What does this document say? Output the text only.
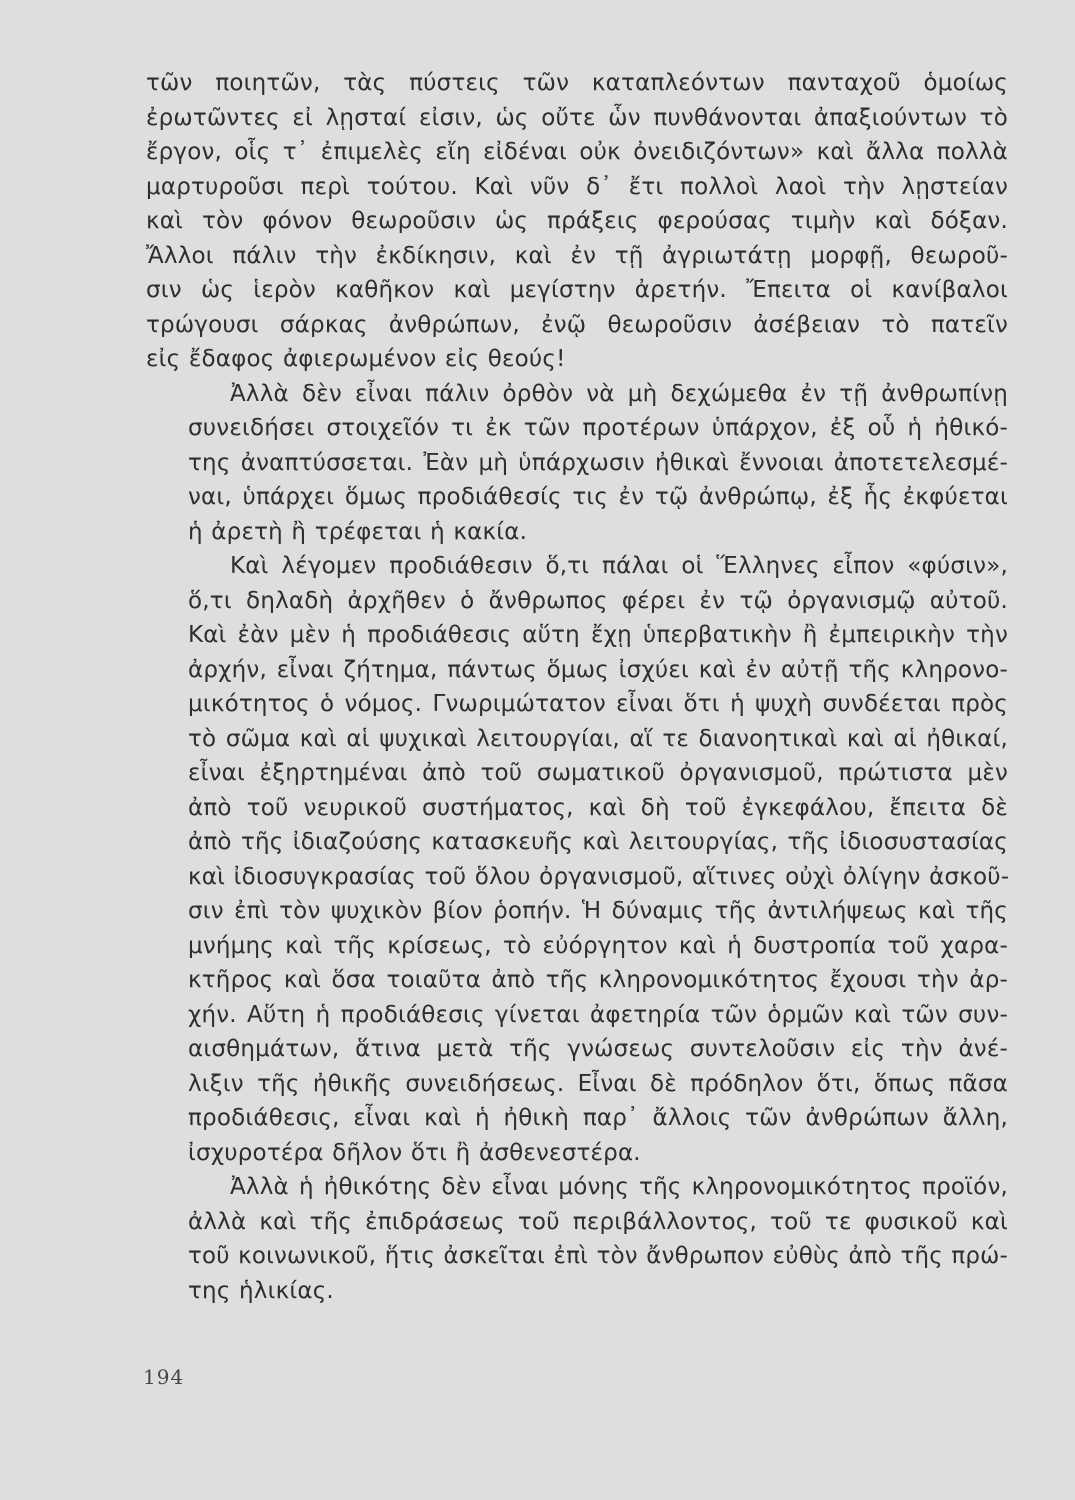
τῶν ποιητῶν, τὰς πύστεις τῶν καταπλεόντων πανταχοῦ ὁμοίως
ἐρωτῶντες εἰ λῃσταί εἰσιν, ὡς οὔτε ὧν πυνθάνονται ἀπαξιούντων τὸ
ἔργον, οἷς τ᾽ ἐπιμελὲς εἴη εἰδέναι οὐκ ὀνειδιζόντων» καὶ ἄλλα πολλὰ
μαρτυροῦσι περὶ τούτου. Καὶ νῦν δ᾽ ἔτι πολλοὶ λαοὶ τὴν λῃστείαν
καὶ τὸν φόνον θεωροῦσιν ὡς πράξεις φερούσας τιμὴν καὶ δόξαν.
Ἄλλοι πάλιν τὴν ἐκδίκησιν, καὶ ἐν τῇ ἀγριωτάτῃ μορφῇ, θεωροῦ-
σιν ὡς ἱερὸν καθῆκον καὶ μεγίστην ἀρετήν. Ἔπειτα οἱ κανίβαλοι
τρώγουσι σάρκας ἀνθρώπων, ἐνῷ θεωροῦσιν ἀσέβειαν τὸ πατεῖν
εἰς ἔδαφος ἀφιερωμένον εἰς θεούς!

Ἀλλὰ δὲν εἶναι πάλιν ὀρθὸν νὰ μὴ δεχώμεθα ἐν τῇ ἀνθρωπίνῃ
συνειδήσει στοιχεῖόν τι ἐκ τῶν προτέρων ὑπάρχον, ἐξ οὗ ἡ ἠθικό-
της ἀναπτύσσεται. Ἐὰν μὴ ὑπάρχωσιν ἠθικαὶ ἔννοιαι ἀποτετελεσμέ-
ναι, ὑπάρχει ὅμως προδιάθεσίς τις ἐν τῷ ἀνθρώπῳ, ἐξ ἧς ἐκφύεται
ἡ ἀρετὴ ἢ τρέφεται ἡ κακία.

Καὶ λέγομεν προδιάθεσιν ὅ,τι πάλαι οἱ Ἕλληνες εἶπον «φύσιν»,
ὅ,τι δηλαδὴ ἀρχῆθεν ὁ ἄνθρωπος φέρει ἐν τῷ ὀργανισμῷ αὐτοῦ.
Καὶ ἐὰν μὲν ἡ προδιάθεσις αὕτη ἔχῃ ὑπερβατικὴν ἢ ἐμπειρικὴν τὴν
ἀρχήν, εἶναι ζήτημα, πάντως ὅμως ἰσχύει καὶ ἐν αὐτῇ τῆς κληρονο-
μικότητος ὁ νόμος. Γνωριμώτατον εἶναι ὅτι ἡ ψυχὴ συνδέεται πρὸς
τὸ σῶμα καὶ αἱ ψυχικαὶ λειτουργίαι, αἵ τε διανοητικαὶ καὶ αἱ ἠθικαί,
εἶναι ἐξηρτημέναι ἀπὸ τοῦ σωματικοῦ ὀργανισμοῦ, πρώτιστα μὲν
ἀπὸ τοῦ νευρικοῦ συστήματος, καὶ δὴ τοῦ ἐγκεφάλου, ἔπειτα δὲ
ἀπὸ τῆς ἰδιαζούσης κατασκευῆς καὶ λειτουργίας, τῆς ἰδιοσυστασίας
καὶ ἰδιοσυγκρασίας τοῦ ὅλου ὀργανισμοῦ, αἵτινες οὐχὶ ὀλίγην ἀσκοῦ-
σιν ἐπὶ τὸν ψυχικὸν βίον ῥοπήν. Ἡ δύναμις τῆς ἀντιλήψεως καὶ τῆς
μνήμης καὶ τῆς κρίσεως, τὸ εὐόργητον καὶ ἡ δυστροπία τοῦ χαρα-
κτῆρος καὶ ὅσα τοιαῦτα ἀπὸ τῆς κληρονομικότητος ἔχουσι τὴν ἀρ-
χήν. Αὕτη ἡ προδιάθεσις γίνεται ἀφετηρία τῶν ὁρμῶν καὶ τῶν συν-
αισθημάτων, ἅτινα μετὰ τῆς γνώσεως συντελοῦσιν εἰς τὴν ἀνέ-
λιξιν τῆς ἠθικῆς συνειδήσεως. Εἶναι δὲ πρόδηλον ὅτι, ὅπως πᾶσα
προδιάθεσις, εἶναι καὶ ἡ ἠθικὴ παρ᾽ ἄλλοις τῶν ἀνθρώπων ἄλλη,
ἰσχυροτέρα δῆλον ὅτι ἢ ἀσθενεστέρα.

Ἀλλὰ ἡ ἠθικότης δὲν εἶναι μόνης τῆς κληρονομικότητος προϊόν,
ἀλλὰ καὶ τῆς ἐπιδράσεως τοῦ περιβάλλοντος, τοῦ τε φυσικοῦ καὶ
τοῦ κοινωνικοῦ, ἥτις ἀσκεῖται ἐπὶ τὸν ἄνθρωπον εὐθὺς ἀπὸ τῆς πρώ-
της ἡλικίας.

194
